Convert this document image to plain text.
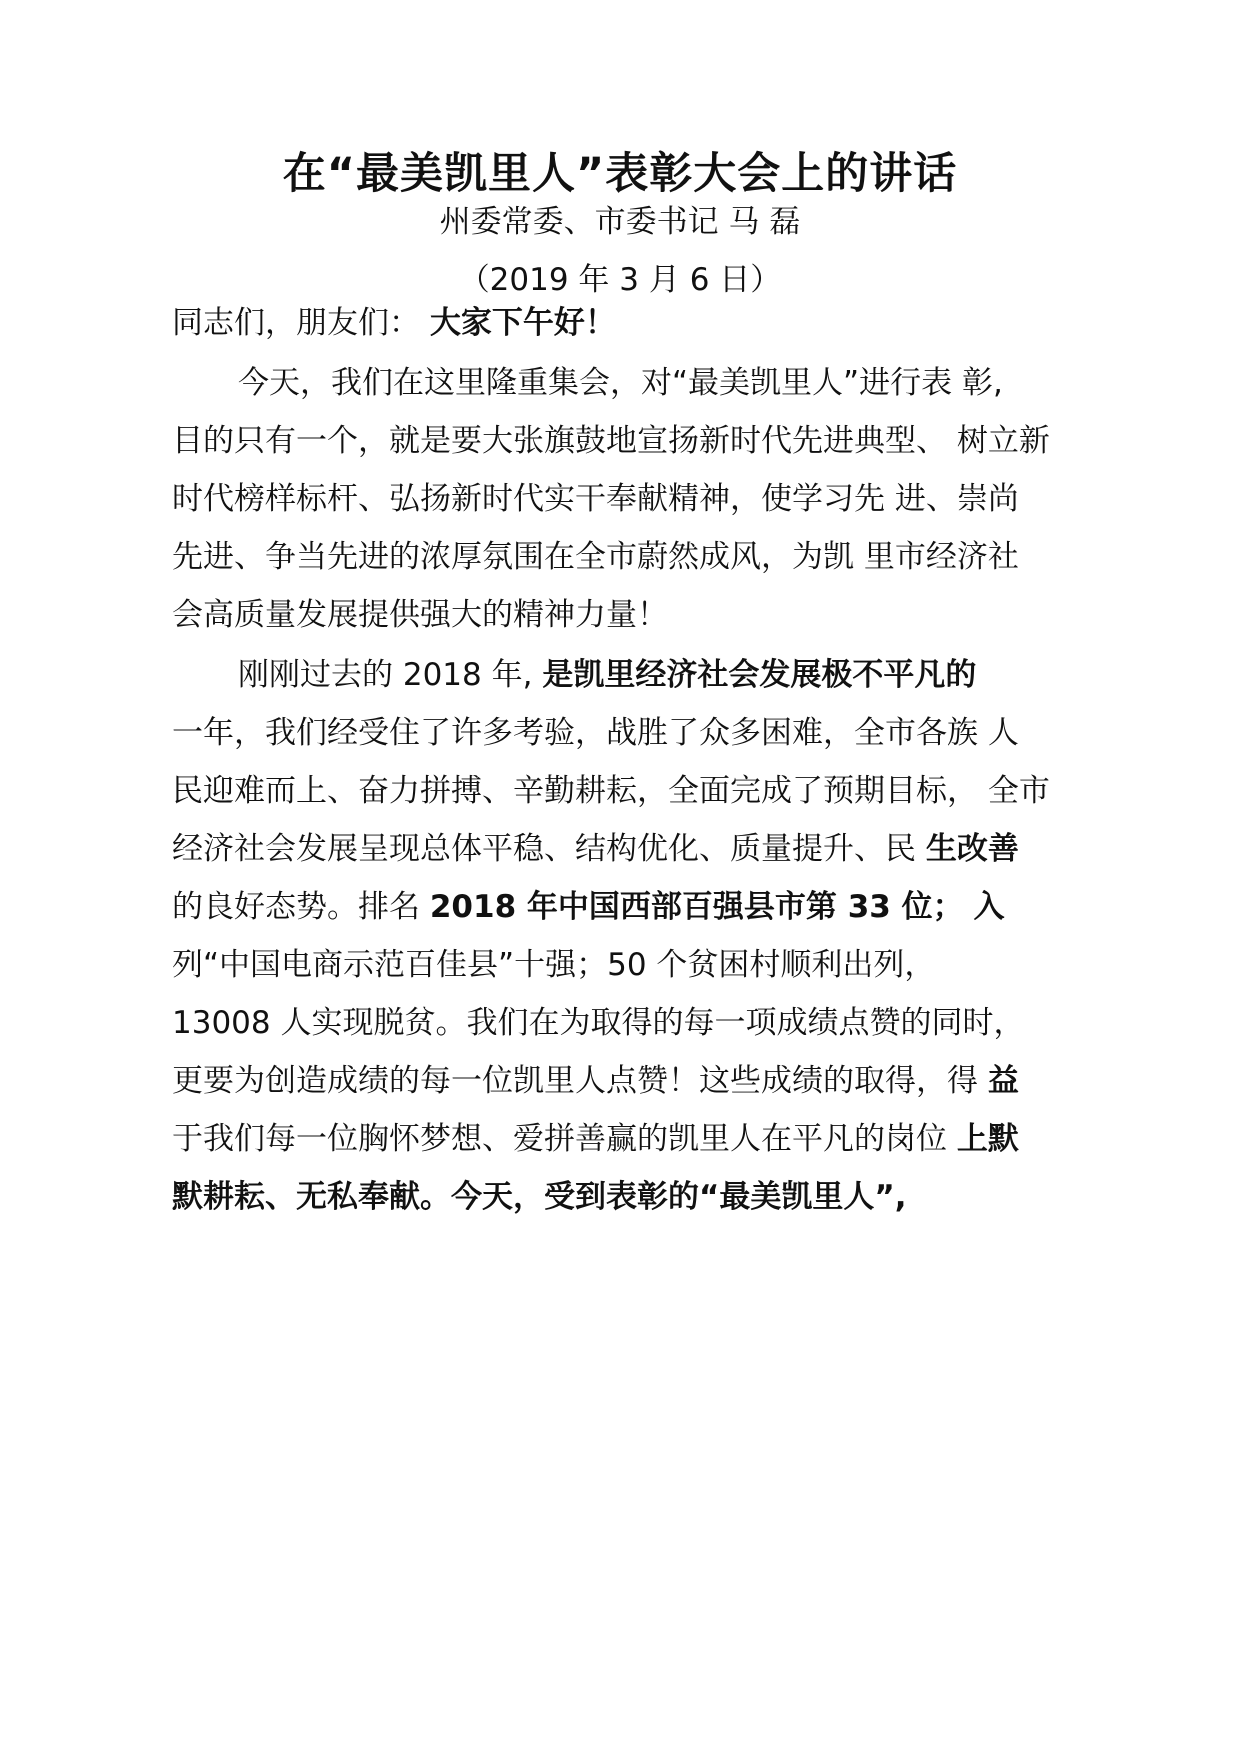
在“最美凯里人”表彰大会上的讲话
州委常委、市委书记 马 磊
（2019 年 3 月 6 日）
同志们，朋友们： 大家下午好！
今天，我们在这里隆重集会，对“最美凯里人”进行表 彰,
目的只有一个，就是要大张旗鼓地宣扬新时代先进典型、 树立新
时代榜样标杆、弘扬新时代实干奉献精神，使学习先 进、崇尚
先进、争当先进的浓厚氛围在全市蔚然成风，为凯 里市经济社
会高质量发展提供强大的精神力量！
刚刚过去的 2018 年, 是凯里经济社会发展极不平凡的
一年，我们经受住了许多考验，战胜了众多困难，全市各族 人
民迎难而上、奋力拼搏、辛勤耕耘，全面完成了预期目标， 全市
经济社会发展呈现总体平稳、结构优化、质量提升、民 生改善
的良好态势。排名 2018 年中国西部百强县市第 33 位； 入
列“中国电商示范百佳县”十强；50 个贫困村顺利出列，
13008 人实现脱贫。我们在为取得的每一项成绩点赞的同时，
更要为创造成绩的每一位凯里人点赞！这些成绩的取得，得 益
于我们每一位胸怀梦想、爱拼善赢的凯里人在平凡的岗位 上默
默耕耘、无私奉献。今天，受到表彰的“最美凯里人”,
